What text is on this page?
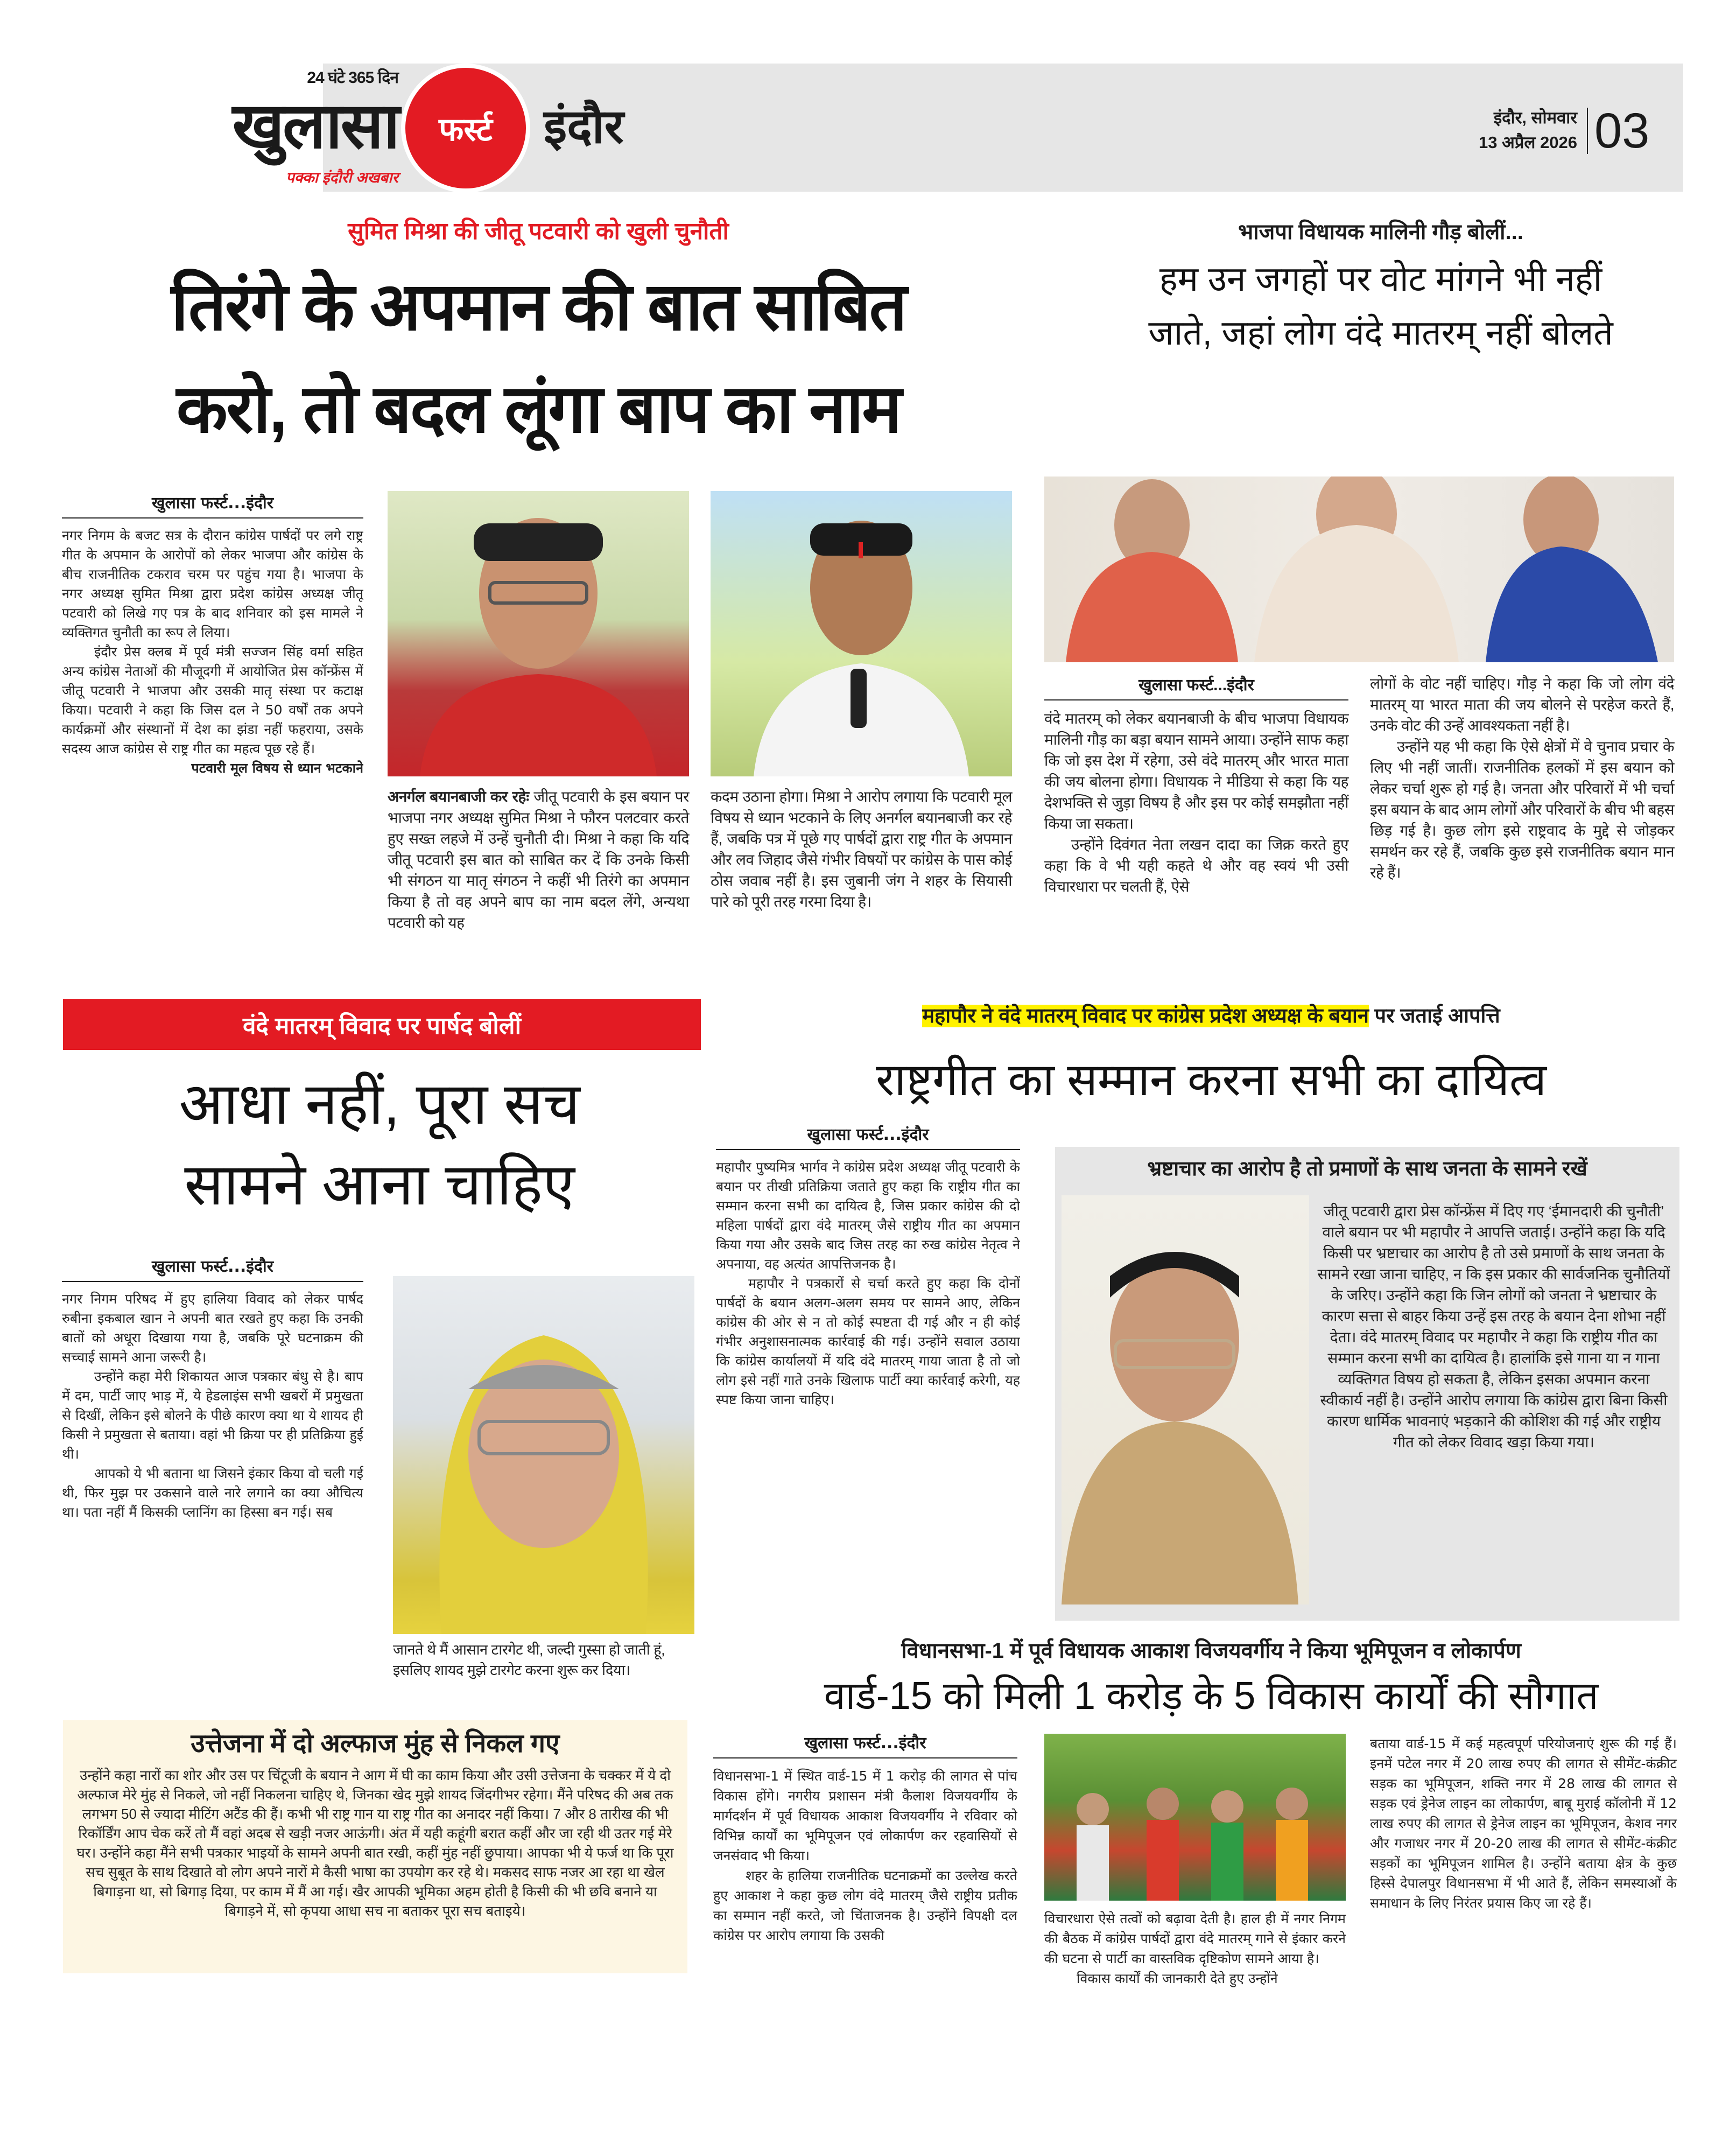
24 घंटे 365 दिन
खुलासा फर्स्ट
पक्का इंदौरी अखबार
इंदौर	इंदौर, सोमवार
13 अप्रैल 2026 03
सुमित मिश्रा की जीतू पटवारी को खुली चुनौती
तिरंगे के अपमान की बात साबित
करो, तो बदल लूंगा बाप का नाम
खुलासा फर्स्ट...इंदौर

नगर निगम के बजट सत्र के दौरान कांग्रेस पार्षदों पर लगे राष्ट्र गीत के अपमान के आरोपों को लेकर भाजपा और कांग्रेस के बीच राजनीतिक टकराव चरम पर पहुंच गया है। भाजपा के नगर अध्यक्ष सुमित मिश्रा द्वारा प्रदेश कांग्रेस अध्यक्ष जीतू पटवारी को लिखे गए पत्र के बाद शनिवार को इस मामले ने व्यक्तिगत चुनौती का रूप ले लिया।

इंदौर प्रेस क्लब में पूर्व मंत्री सज्जन सिंह वर्मा सहित अन्य कांग्रेस नेताओं की मौजूदगी में आयोजित प्रेस कॉन्फ्रेंस में जीतू पटवारी ने भाजपा और उसकी मातृ संस्था पर कटाक्ष किया। पटवारी ने कहा कि जिस दल ने 50 वर्षों तक अपने कार्यक्रमों और संस्थानों में देश का झंडा नहीं फहराया, उसके सदस्य आज कांग्रेस से राष्ट्र गीत का महत्व पूछ रहे हैं।

पटवारी मूल विषय से ध्यान भटकाने

अनर्गल बयानबाजी कर रहेः जीतू पटवारी के इस बयान पर भाजपा नगर अध्यक्ष सुमित मिश्रा ने फौरन पलटवार करते हुए सख्त लहजे में उन्हें चुनौती दी। मिश्रा ने कहा कि यदि जीतू पटवारी इस बात को साबित कर दें कि उनके किसी भी संगठन या मातृ संगठन ने कहीं भी तिरंगे का अपमान किया है तो वह अपने बाप का नाम बदल लेंगे, अन्यथा पटवारी को यह
कदम उठाना होगा। मिश्रा ने आरोप लगाया कि पटवारी मूल विषय से ध्यान भटकाने के लिए अनर्गल बयानबाजी कर रहे हैं, जबकि पत्र में पूछे गए पार्षदों द्वारा राष्ट्र गीत के अपमान और लव जिहाद जैसे गंभीर विषयों पर कांग्रेस के पास कोई ठोस जवाब नहीं है। इस जुबानी जंग ने शहर के सियासी पारे को पूरी तरह गरमा दिया है।
भाजपा विधायक मालिनी गौड़ बोलीं...
हम उन जगहों पर वोट मांगने भी नहीं
जाते, जहां लोग वंदे मातरम् नहीं बोलते
खुलासा फर्स्ट...इंदौर

वंदे मातरम् को लेकर बयानबाजी के बीच भाजपा विधायक मालिनी गौड़ का बड़ा बयान सामने आया। उन्होंने साफ कहा कि जो इस देश में रहेगा, उसे वंदे मातरम् और भारत माता की जय बोलना होगा। विधायक ने मीडिया से कहा कि यह देशभक्ति से जुड़ा विषय है और इस पर कोई समझौता नहीं किया जा सकता।

उन्होंने दिवंगत नेता लखन दादा का जिक्र करते हुए कहा कि वे भी यही कहते थे और वह स्वयं भी उसी विचारधारा पर चलती हैं, ऐसे

लोगों के वोट नहीं चाहिए। गौड़ ने कहा कि जो लोग वंदे मातरम् या भारत माता की जय बोलने से परहेज करते हैं, उनके वोट की उन्हें आवश्यकता नहीं है।

उन्होंने यह भी कहा कि ऐसे क्षेत्रों में वे चुनाव प्रचार के लिए भी नहीं जातीं। राजनीतिक हलकों में इस बयान को लेकर चर्चा शुरू हो गई है। जनता और परिवारों में भी चर्चा इस बयान के बाद आम लोगों और परिवारों के बीच भी बहस छिड़ गई है। कुछ लोग इसे राष्ट्रवाद के मुद्दे से जोड़कर समर्थन कर रहे हैं, जबकि कुछ इसे राजनीतिक बयान मान रहे हैं।

वंदे मातरम् विवाद पर पार्षद बोलीं
आधा नहीं, पूरा सच
सामने आना चाहिए
खुलासा फर्स्ट...इंदौर

नगर निगम परिषद में हुए हालिया विवाद को लेकर पार्षद रुबीना इकबाल खान ने अपनी बात रखते हुए कहा कि उनकी बातों को अधूरा दिखाया गया है, जबकि पूरे घटनाक्रम की सच्चाई सामने आना जरूरी है।

उन्होंने कहा मेरी शिकायत आज पत्रकार बंधु से है। बाप में दम, पार्टी जाए भाड़ में, ये हेडलाइंस सभी खबरों में प्रमुखता से दिखीं, लेकिन इसे बोलने के पीछे कारण क्या था ये शायद ही किसी ने प्रमुखता से बताया। वहां भी क्रिया पर ही प्रतिक्रिया हुई थी।

आपको ये भी बताना था जिसने इंकार किया वो चली गई थी, फिर मुझ पर उकसाने वाले नारे लगाने का क्या औचित्य था। पता नहीं मैं किसकी प्लानिंग का हिस्सा बन गई। सब

जानते थे मैं आसान टारगेट थी, जल्दी गुस्सा हो जाती हूं, इसलिए शायद मुझे टारगेट करना शुरू कर दिया।
उत्तेजना में दो अल्फाज मुंह से निकल गए
उन्होंने कहा नारों का शोर और उस पर चिंटूजी के बयान ने आग में घी का काम किया और उसी उत्तेजना के चक्कर में ये दो अल्फाज मेरे मुंह से निकले, जो नहीं निकलना चाहिए थे, जिनका खेद मुझे शायद जिंदगीभर रहेगा। मैंने परिषद की अब तक लगभग 50 से ज्यादा मीटिंग अटैंड की हैं। कभी भी राष्ट्र गान या राष्ट्र गीत का अनादर नहीं किया। 7 और 8 तारीख की भी रिकॉर्डिंग आप चेक करें तो मैं वहां अदब से खड़ी नजर आऊंगी। अंत में यही कहूंगी बरात कहीं और जा रही थी उतर गई मेरे घर। उन्होंने कहा मैंने सभी पत्रकार भाइयों के सामने अपनी बात रखी, कहीं मुंह नहीं छुपाया। आपका भी ये फर्ज था कि पूरा सच सुबूत के साथ दिखाते वो लोग अपने नारों मे कैसी भाषा का उपयोग कर रहे थे। मकसद साफ नजर आ रहा था खेल बिगाड़ना था, सो बिगाड़ दिया, पर काम में मैं आ गई। खैर आपकी भूमिका अहम होती है किसी की भी छवि बनाने या बिगाड़ने में, सो कृपया आधा सच ना बताकर पूरा सच बताइये।
महापौर ने वंदे मातरम् विवाद पर कांग्रेस प्रदेश अध्यक्ष के बयान पर जताई आपत्ति
राष्ट्रगीत का सम्मान करना सभी का दायित्व
खुलासा फर्स्ट...इंदौर

महापौर पुष्यमित्र भार्गव ने कांग्रेस प्रदेश अध्यक्ष जीतू पटवारी के बयान पर तीखी प्रतिक्रिया जताते हुए कहा कि राष्ट्रीय गीत का सम्मान करना सभी का दायित्व है, जिस प्रकार कांग्रेस की दो महिला पार्षदों द्वारा वंदे मातरम् जैसे राष्ट्रीय गीत का अपमान किया गया और उसके बाद जिस तरह का रुख कांग्रेस नेतृत्व ने अपनाया, वह अत्यंत आपत्तिजनक है।

महापौर ने पत्रकारों से चर्चा करते हुए कहा कि दोनों पार्षदों के बयान अलग-अलग समय पर सामने आए, लेकिन कांग्रेस की ओर से न तो कोई स्पष्टता दी गई और न ही कोई गंभीर अनुशासनात्मक कार्रवाई की गई। उन्होंने सवाल उठाया कि कांग्रेस कार्यालयों में यदि वंदे मातरम् गाया जाता है तो जो लोग इसे नहीं गाते उनके खिलाफ पार्टी क्या कार्रवाई करेगी, यह स्पष्ट किया जाना चाहिए।

भ्रष्टाचार का आरोप है तो प्रमाणों के साथ जनता के सामने रखें
जीतू पटवारी द्वारा प्रेस कॉन्फ्रेंस में दिए गए ‘ईमानदारी की चुनौती’ वाले बयान पर भी महापौर ने आपत्ति जताई। उन्होंने कहा कि यदि किसी पर भ्रष्टाचार का आरोप है तो उसे प्रमाणों के साथ जनता के सामने रखा जाना चाहिए, न कि इस प्रकार की सार्वजनिक चुनौतियों के जरिए। उन्होंने कहा कि जिन लोगों को जनता ने भ्रष्टाचार के कारण सत्ता से बाहर किया उन्हें इस तरह के बयान देना शोभा नहीं देता। वंदे मातरम् विवाद पर महापौर ने कहा कि राष्ट्रीय गीत का सम्मान करना सभी का दायित्व है। हालांकि इसे गाना या न गाना व्यक्तिगत विषय हो सकता है, लेकिन इसका अपमान करना स्वीकार्य नहीं है। उन्होंने आरोप लगाया कि कांग्रेस द्वारा बिना किसी कारण धार्मिक भावनाएं भड़काने की कोशिश की गई और राष्ट्रीय गीत को लेकर विवाद खड़ा किया गया।
विधानसभा-1 में पूर्व विधायक आकाश विजयवर्गीय ने किया भूमिपूजन व लोकार्पण
वार्ड-15 को मिली 1 करोड़ के 5 विकास कार्यों की सौगात
खुलासा फर्स्ट...इंदौर

विधानसभा-1 में स्थित वार्ड-15 में 1 करोड़ की लागत से पांच विकास होंगे। नगरीय प्रशासन मंत्री कैलाश विजयवर्गीय के मार्गदर्शन में पूर्व विधायक आकाश विजयवर्गीय ने रविवार को विभिन्न कार्यों का भूमिपूजन एवं लोकार्पण कर रहवासियों से जनसंवाद भी किया।

शहर के हालिया राजनीतिक घटनाक्रमों का उल्लेख करते हुए आकाश ने कहा कुछ लोग वंदे मातरम् जैसे राष्ट्रीय प्रतीक का सम्मान नहीं करते, जो चिंताजनक है। उन्होंने विपक्षी दल कांग्रेस पर आरोप लगाया कि उसकी

विचारधारा ऐसे तत्वों को बढ़ावा देती है। हाल ही में नगर निगम की बैठक में कांग्रेस पार्षदों द्वारा वंदे मातरम् गाने से इंकार करने की घटना से पार्टी का वास्तविक दृष्टिकोण सामने आया है।

विकास कार्यों की जानकारी देते हुए उन्होंने

बताया वार्ड-15 में कई महत्वपूर्ण परियोजनाएं शुरू की गई हैं। इनमें पटेल नगर में 20 लाख रुपए की लागत से सीमेंट-कंक्रीट सड़क का भूमिपूजन, शक्ति नगर में 28 लाख की लागत से सड़क एवं ड्रेनेज लाइन का लोकार्पण, बाबू मुराई कॉलोनी में 12 लाख रुपए की लागत से ड्रेनेज लाइन का भूमिपूजन, केशव नगर और गजाधर नगर में 20-20 लाख की लागत से सीमेंट-कंक्रीट सड़कों का भूमिपूजन शामिल है। उन्होंने बताया क्षेत्र के कुछ हिस्से देपालपुर विधानसभा में भी आते हैं, लेकिन समस्याओं के समाधान के लिए निरंतर प्रयास किए जा रहे हैं।
